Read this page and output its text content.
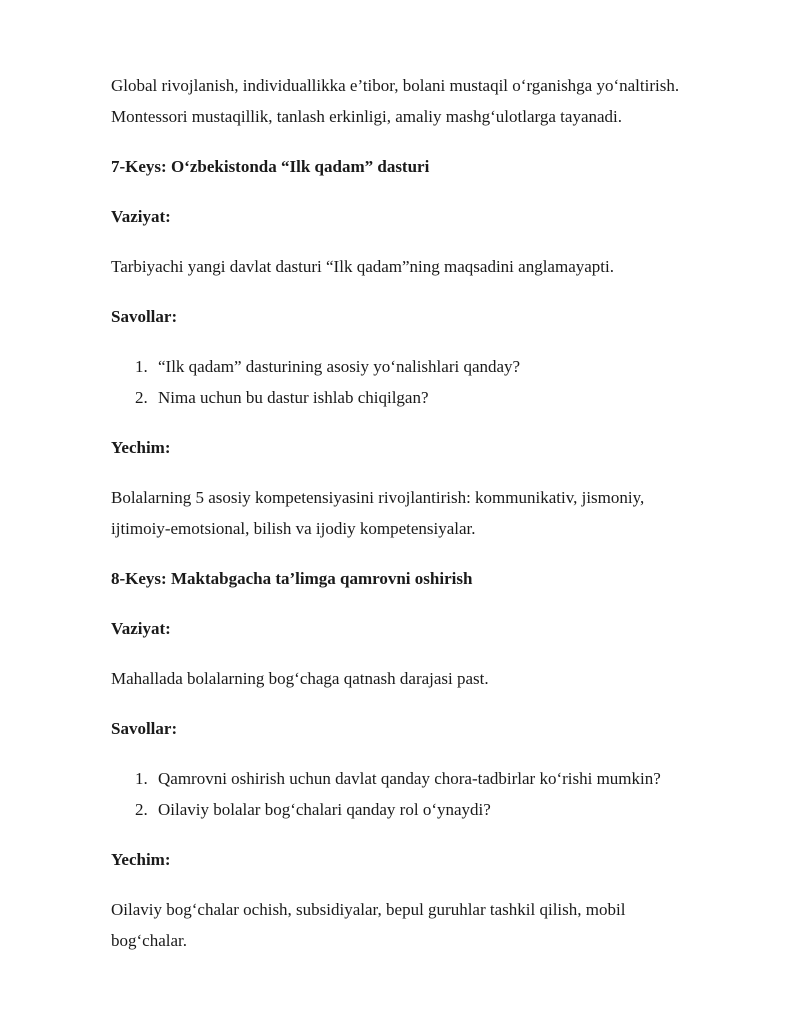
Global rivojlanish, individuallikka e’tibor, bolani mustaqil o‘rganishga yo‘naltirish.

Montessori mustaqillik, tanlash erkinligi, amaliy mashg‘ulotlarga tayanadi.

7-Keys: O‘zbekistonda “Ilk qadam” dasturi

Vaziyat:

Tarbiyachi yangi davlat dasturi “Ilk qadam”ning maqsadini anglamayapti.

Savollar:

1. “Ilk qadam” dasturining asosiy yo‘nalishlari qanday?
2. Nima uchun bu dastur ishlab chiqilgan?

Yechim:

Bolalarning 5 asosiy kompetensiyasini rivojlantirish: kommunikativ, jismoniy,

ijtimoiy-emotsional, bilish va ijodiy kompetensiyalar.

8-Keys: Maktabgacha ta’limga qamrovni oshirish

Vaziyat:

Mahallada bolalarning bog‘chaga qatnash darajasi past.

Savollar:

1. Qamrovni oshirish uchun davlat qanday chora-tadbirlar ko‘rishi mumkin?
2. Oilaviy bolalar bog‘chalari qanday rol o‘ynaydi?

Yechim:

Oilaviy bog‘chalar ochish, subsidiyalar, bepul guruhlar tashkil qilish, mobil

bog‘chalar.
